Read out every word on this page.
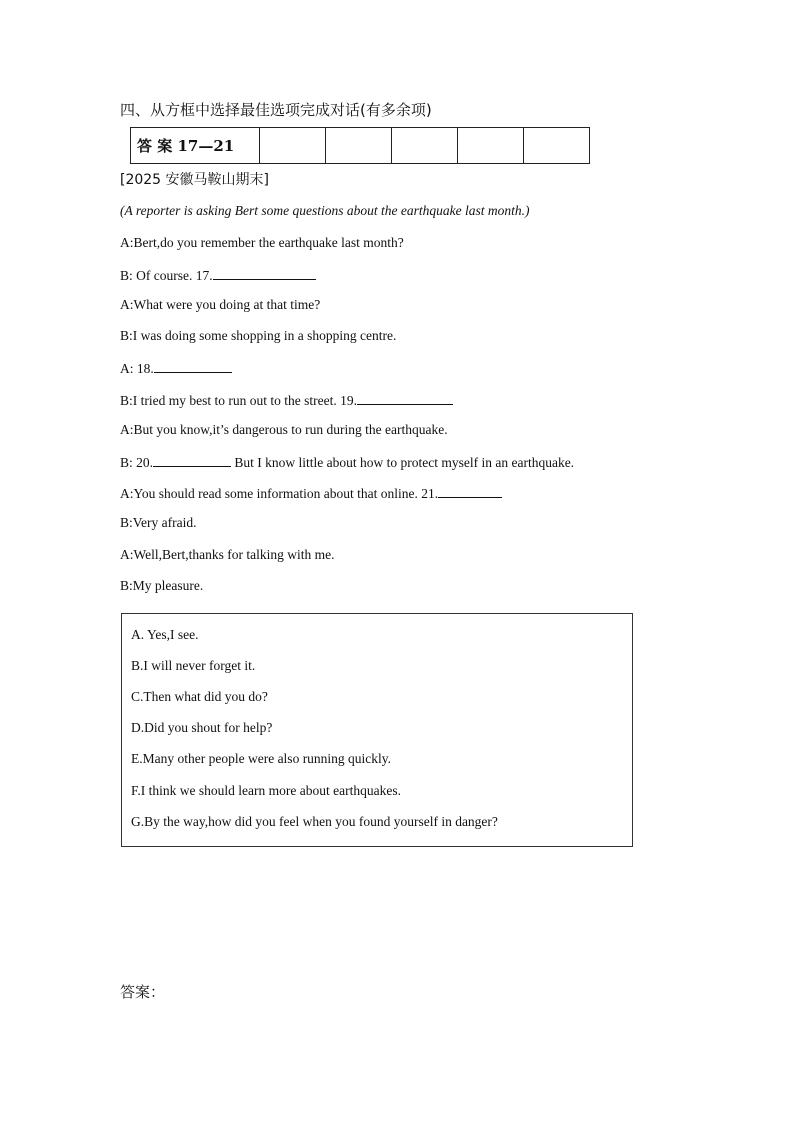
四、从方框中选择最佳选项完成对话(有多余项)
答 案 17—21					
[2025 安徽马鞍山期末]
(A reporter is asking Bert some questions about the earthquake last month.)
A:Bert,do you remember the earthquake last month?
B: Of course. 17.
A:What were you doing at that time?
B:I was doing some shopping in a shopping centre.
A: 18.
B:I tried my best to run out to the street. 19.
A:But you know,it’s dangerous to run during the earthquake.
B: 20.	But I know little about how to protect myself in an earthquake.
A:You should read some information about that online. 21.
B:Very afraid.
A:Well,Bert,thanks for talking with me.
B:My pleasure.
A. Yes,I see.
B.I will never forget it.
C.Then what did you do?
D.Did you shout for help?
E.Many other people were also running quickly.
F.I think we should learn more about earthquakes.
G.By the way,how did you feel when you found yourself in danger?
答案：
